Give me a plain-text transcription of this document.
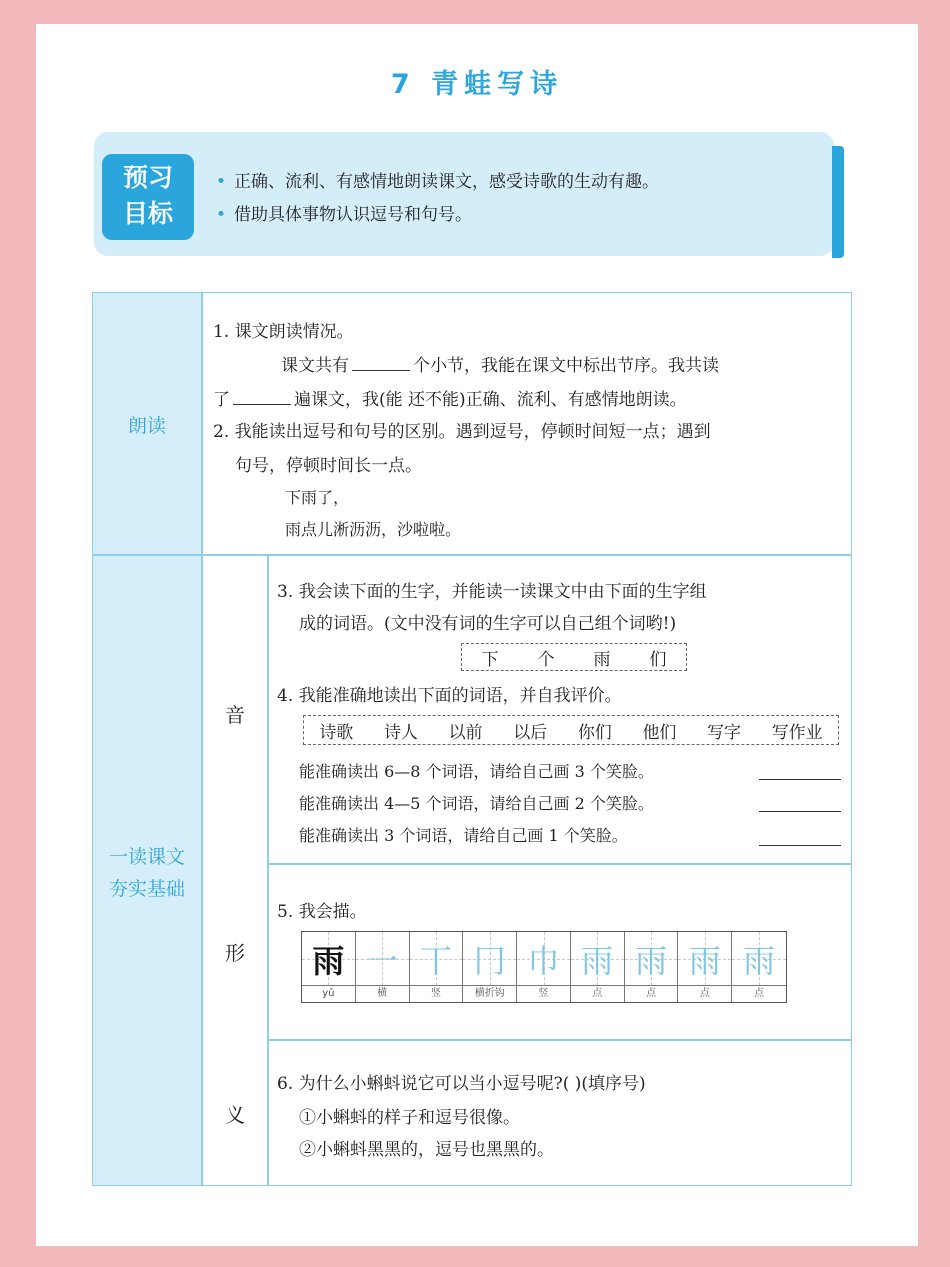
7 青蛙写诗
预习
目标
• 正确、流利、有感情地朗读课文，感受诗歌的生动有趣。
• 借助具体事物认识逗号和句号。
朗读
1. 课文朗读情况。
课文共有	个小节，我能在课文中标出节序。我共读
了	遍课文，我(能 还不能)正确、流利、有感情地朗读。
2. 我能读出逗号和句号的区别。遇到逗号，停顿时间短一点；遇到
句号，停顿时间长一点。
下雨了，
雨点儿淅沥沥，沙啦啦。
一读课文
夯实基础
音
3. 我会读下面的生字，并能读一读课文中由下面的生字组
成的词语。(文中没有词的生字可以自己组个词哟!)
下 个 雨 们
4. 我能准确地读出下面的词语，并自我评价。
诗歌 诗人 以前 以后 你们 他们 写字 写作业
能准确读出 6—8 个词语，请给自己画 3 个笑脸。
能准确读出 4—5 个词语，请给自己画 2 个笑脸。
能准确读出 3 个词语，请给自己画 1 个笑脸。
形
5. 我会描。
雨
yǔ
一
横
丅
竖
冂
横折钩
巾
竖
雨
点
雨
点
雨
点
雨
点
义
6. 为什么小蝌蚪说它可以当小逗号呢?( )(填序号)
①小蝌蚪的样子和逗号很像。
②小蝌蚪黑黑的，逗号也黑黑的。
